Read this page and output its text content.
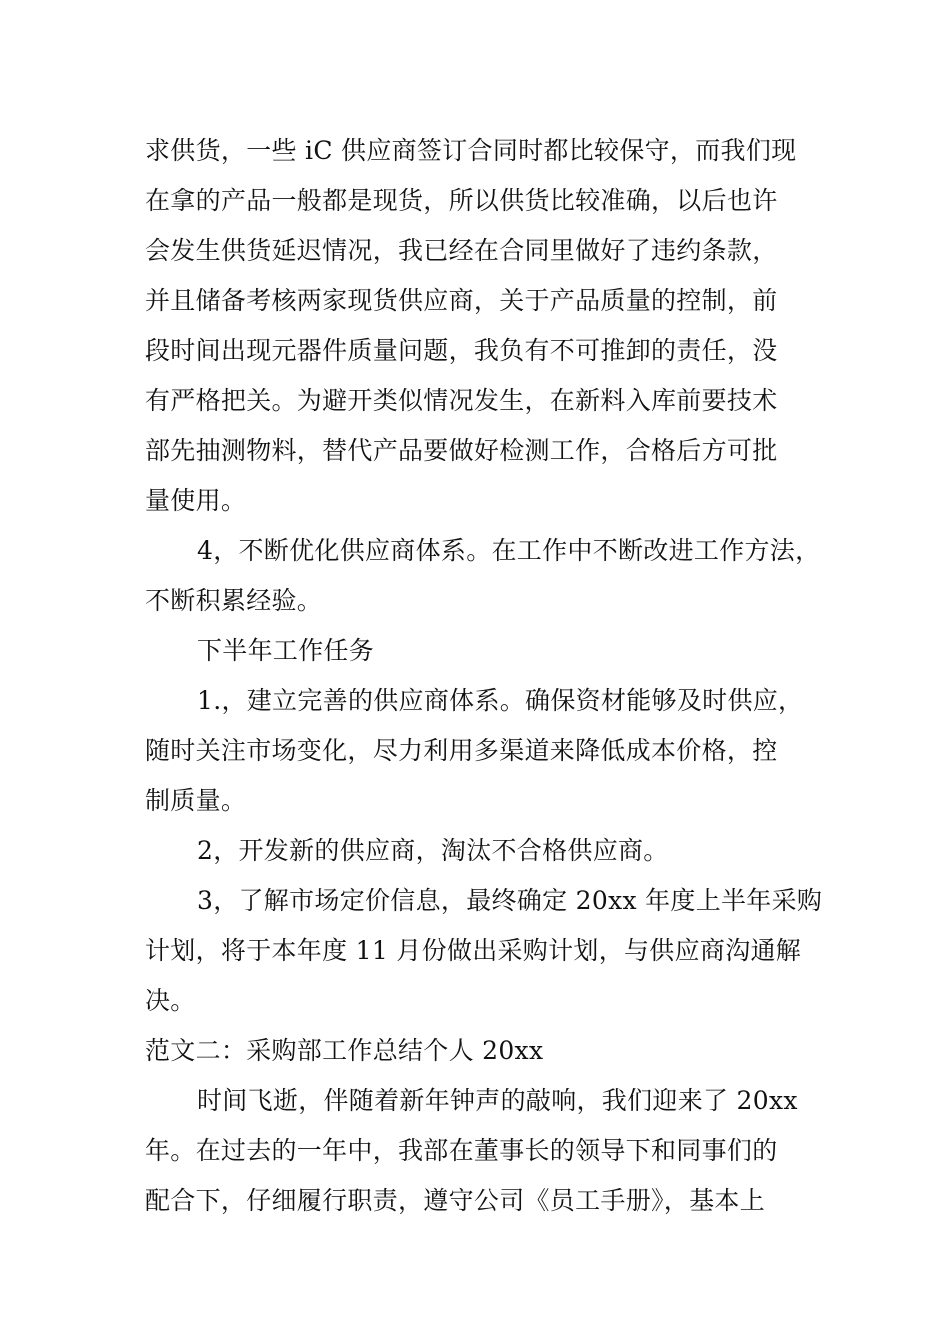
求供货，一些 iC 供应商签订合同时都比较保守，而我们现
在拿的产品一般都是现货，所以供货比较准确，以后也许
会发生供货延迟情况，我已经在合同里做好了违约条款，
并且储备考核两家现货供应商，关于产品质量的控制，前
段时间出现元器件质量问题，我负有不可推卸的责任，没
有严格把关。为避开类似情况发生，在新料入库前要技术
部先抽测物料，替代产品要做好检测工作，合格后方可批
量使用。
4，不断优化供应商体系。在工作中不断改进工作方法，
不断积累经验。
下半年工作任务
1.，建立完善的供应商体系。确保资材能够及时供应，
随时关注市场变化，尽力利用多渠道来降低成本价格，控
制质量。
2，开发新的供应商，淘汰不合格供应商。
3，了解市场定价信息，最终确定 20xx 年度上半年采购
计划，将于本年度 11 月份做出采购计划，与供应商沟通解
决。
范文二：采购部工作总结个人 20xx
时间飞逝，伴随着新年钟声的敲响，我们迎来了 20xx
年。在过去的一年中，我部在董事长的领导下和同事们的
配合下，仔细履行职责，遵守公司《员工手册》，基本上
